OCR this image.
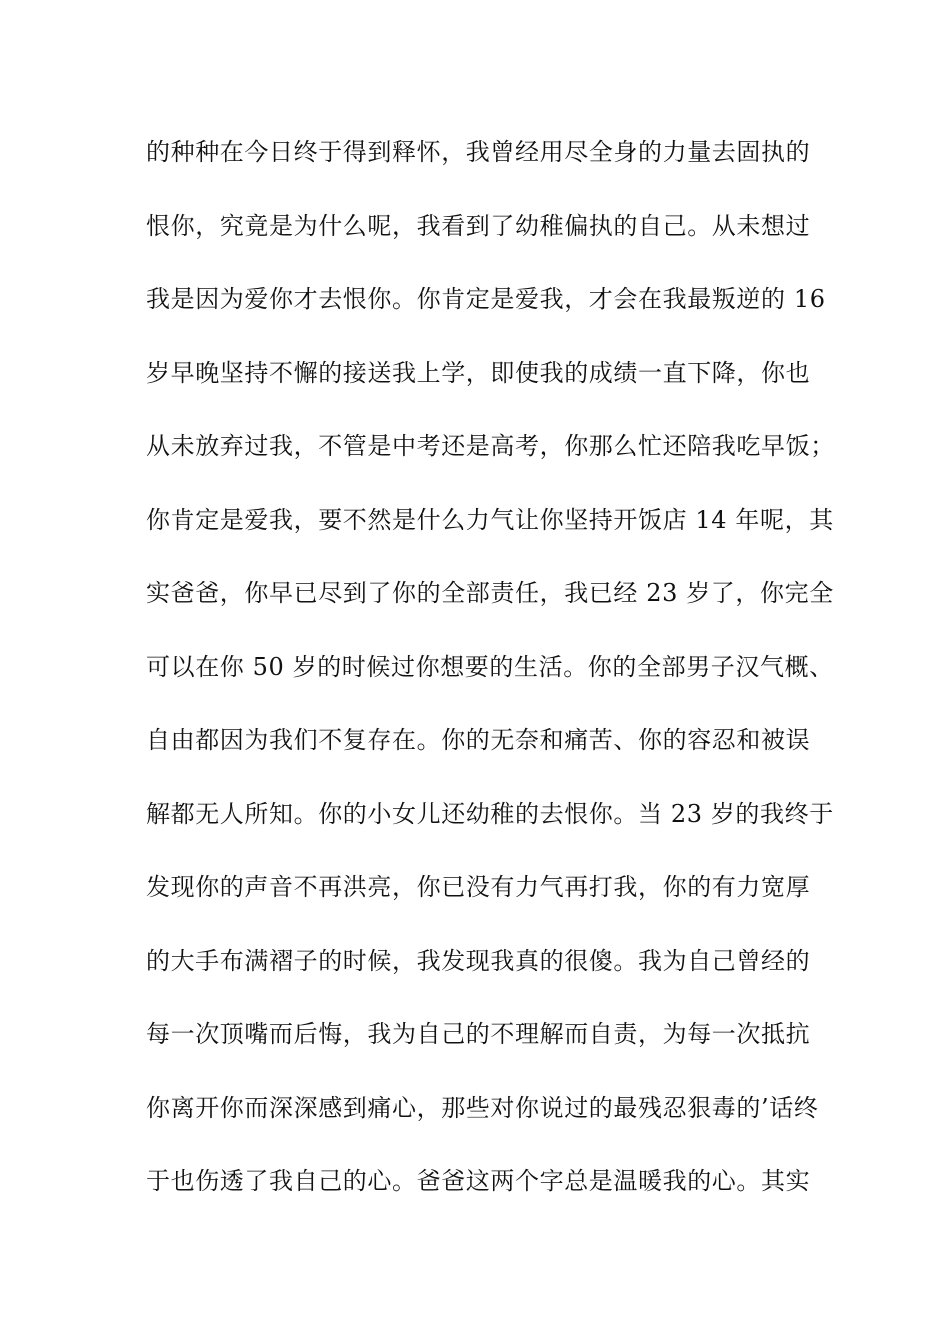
的种种在今日终于得到释怀，我曾经用尽全身的力量去固执的
恨你，究竟是为什么呢，我看到了幼稚偏执的自己。从未想过
我是因为爱你才去恨你。你肯定是爱我，才会在我最叛逆的 16
岁早晚坚持不懈的接送我上学，即使我的成绩一直下降，你也
从未放弃过我，不管是中考还是高考，你那么忙还陪我吃早饭；
你肯定是爱我，要不然是什么力气让你坚持开饭店 14 年呢，其
实爸爸，你早已尽到了你的全部责任，我已经 23 岁了，你完全
可以在你 50 岁的时候过你想要的生活。你的全部男子汉气概、
自由都因为我们不复存在。你的无奈和痛苦、你的容忍和被误
解都无人所知。你的小女儿还幼稚的去恨你。当 23 岁的我终于
发现你的声音不再洪亮，你已没有力气再打我，你的有力宽厚
的大手布满褶子的时候，我发现我真的很傻。我为自己曾经的
每一次顶嘴而后悔，我为自己的不理解而自责，为每一次抵抗
你离开你而深深感到痛心，那些对你说过的最残忍狠毒的’话终
于也伤透了我自己的心。爸爸这两个字总是温暖我的心。其实
